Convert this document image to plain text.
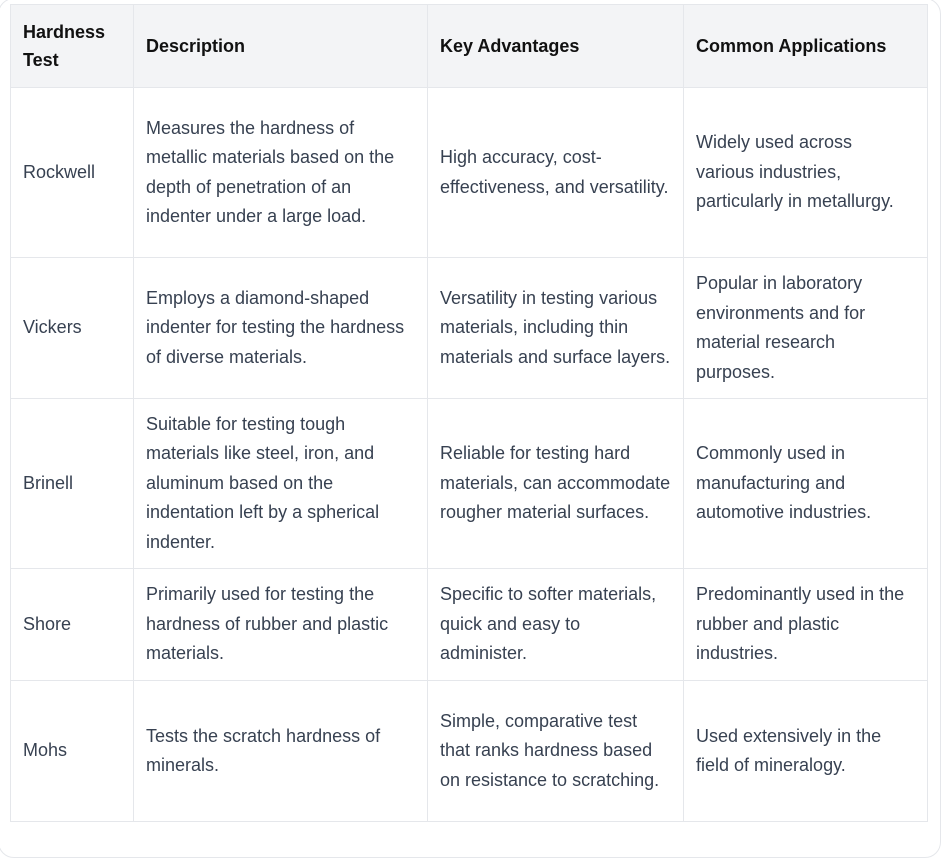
Hardness Test	Description	Key Advantages	Common Applications
Rockwell	Measures the hardness of metallic materials based on the depth of penetration of an indenter under a large load.	High accuracy, cost-effectiveness, and versatility.	Widely used across various industries, particularly in metallurgy.
Vickers	Employs a diamond-shaped indenter for testing the hardness of diverse materials.	Versatility in testing various materials, including thin materials and surface layers.	Popular in laboratory environments and for material research purposes.
Brinell	Suitable for testing tough materials like steel, iron, and aluminum based on the indentation left by a spherical indenter.	Reliable for testing hard materials, can accommodate rougher material surfaces.	Commonly used in manufacturing and automotive industries.
Shore	Primarily used for testing the hardness of rubber and plastic materials.	Specific to softer materials, quick and easy to administer.	Predominantly used in the rubber and plastic industries.
Mohs	Tests the scratch hardness of minerals.	Simple, comparative test that ranks hardness based on resistance to scratching.	Used extensively in the field of mineralogy.
